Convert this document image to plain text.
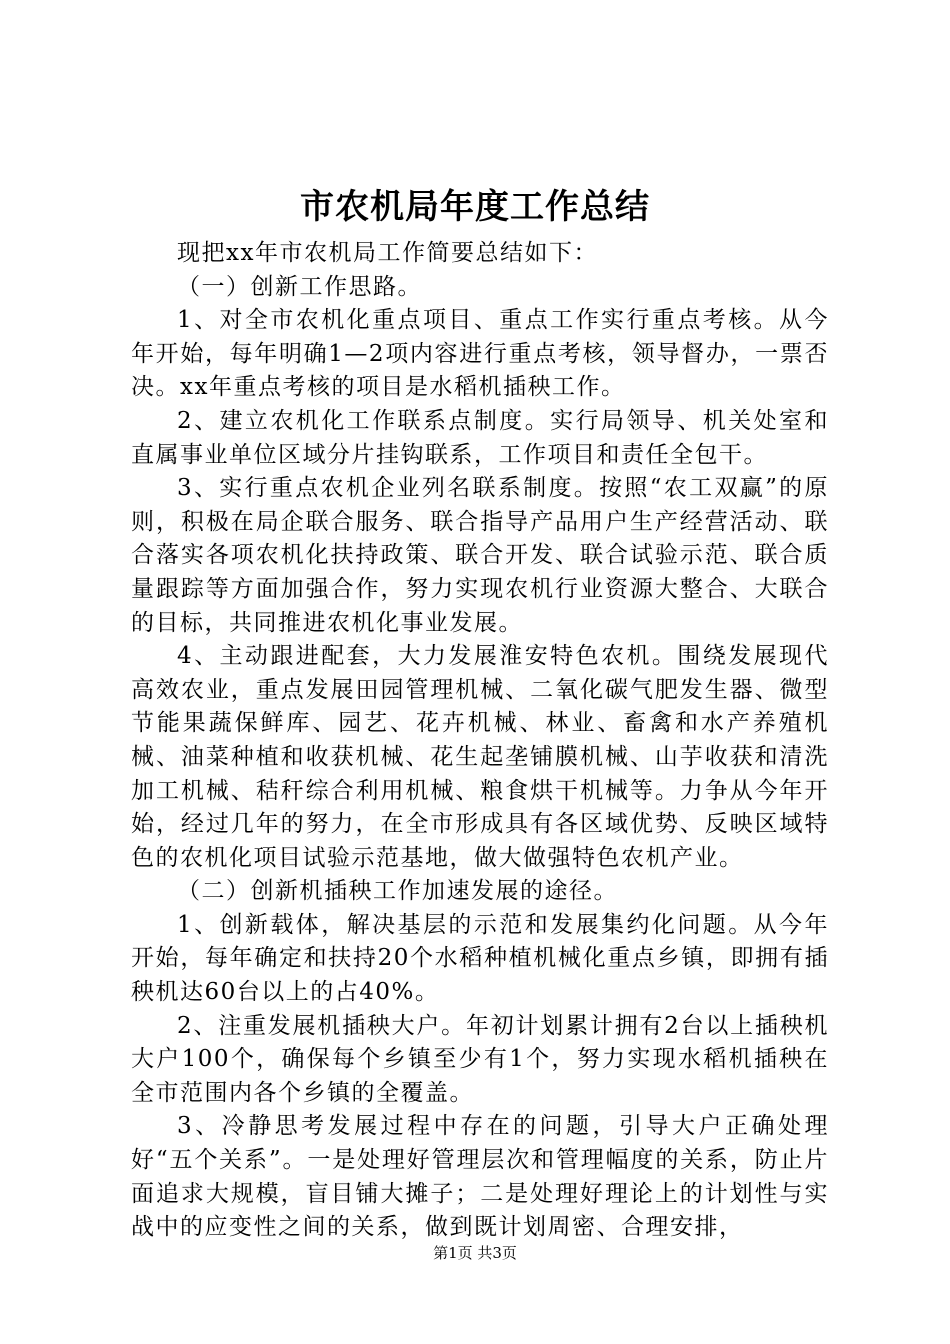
市农机局年度工作总结

现把xx年市农机局工作简要总结如下：

（一）创新工作思路。

1、对全市农机化重点项目、重点工作实行重点考核。从今年开始，每年明确1—2项内容进行重点考核，领导督办，一票否决。xx年重点考核的项目是水稻机插秧工作。

2、建立农机化工作联系点制度。实行局领导、机关处室和直属事业单位区域分片挂钩联系，工作项目和责任全包干。

3、实行重点农机企业列名联系制度。按照“农工双赢”的原则，积极在局企联合服务、联合指导产品用户生产经营活动、联合落实各项农机化扶持政策、联合开发、联合试验示范、联合质量跟踪等方面加强合作，努力实现农机行业资源大整合、大联合的目标，共同推进农机化事业发展。

4、主动跟进配套，大力发展淮安特色农机。围绕发展现代高效农业，重点发展田园管理机械、二氧化碳气肥发生器、微型节能果蔬保鲜库、园艺、花卉机械、林业、畜禽和水产养殖机械、油菜种植和收获机械、花生起垄铺膜机械、山芋收获和清洗加工机械、秸秆综合利用机械、粮食烘干机械等。力争从今年开始，经过几年的努力，在全市形成具有各区域优势、反映区域特色的农机化项目试验示范基地，做大做强特色农机产业。

（二）创新机插秧工作加速发展的途径。

1、创新载体，解决基层的示范和发展集约化问题。从今年开始，每年确定和扶持20个水稻种植机械化重点乡镇，即拥有插秧机达60台以上的占40%。

2、注重发展机插秧大户。年初计划累计拥有2台以上插秧机大户100个，确保每个乡镇至少有1个，努力实现水稻机插秧在全市范围内各个乡镇的全覆盖。

3、冷静思考发展过程中存在的问题，引导大户正确处理好“五个关系”。一是处理好管理层次和管理幅度的关系，防止片面追求大规模，盲目铺大摊子；二是处理好理论上的计划性与实战中的应变性之间的关系，做到既计划周密、合理安排，

第1页 共3页
